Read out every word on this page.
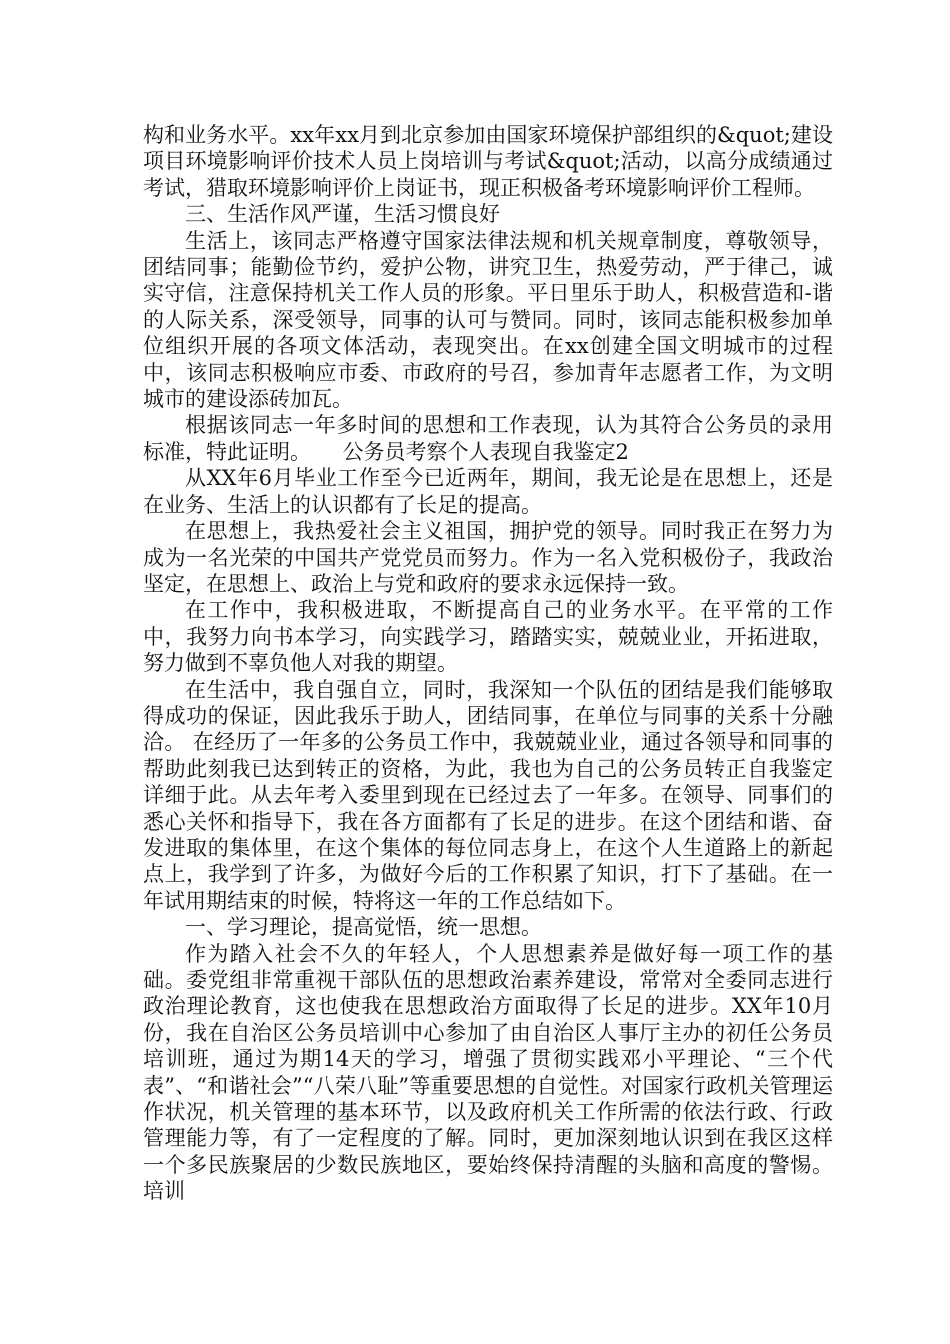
构和业务水平。xx年xx月到北京参加由国家环境保护部组织的&quot;建设项目环境影响评价技术人员上岗培训与考试&quot;活动，以高分成绩通过考试，猎取环境影响评价上岗证书，现正积极备考环境影响评价工程师。

三、生活作风严谨，生活习惯良好

生活上，该同志严格遵守国家法律法规和机关规章制度，尊敬领导，团结同事；能勤俭节约，爱护公物，讲究卫生，热爱劳动，严于律己，诚实守信，注意保持机关工作人员的形象。平日里乐于助人，积极营造和-谐的人际关系，深受领导，同事的认可与赞同。同时，该同志能积极参加单位组织开展的各项文体活动，表现突出。在xx创建全国文明城市的过程中，该同志积极响应市委、市政府的号召，参加青年志愿者工作，为文明城市的建设添砖加瓦。

根据该同志一年多时间的思想和工作表现，认为其符合公务员的录用标准，特此证明。　　公务员考察个人表现自我鉴定2

从XX年6月毕业工作至今已近两年，期间，我无论是在思想上，还是在业务、生活上的认识都有了长足的提高。

在思想上，我热爱社会主义祖国，拥护党的领导。同时我正在努力为成为一名光荣的中国共产党党员而努力。作为一名入党积极份子，我政治坚定，在思想上、政治上与党和政府的要求永远保持一致。

在工作中，我积极进取，不断提高自己的业务水平。在平常的工作中，我努力向书本学习，向实践学习，踏踏实实，兢兢业业，开拓进取，努力做到不辜负他人对我的期望。

在生活中，我自强自立，同时，我深知一个队伍的团结是我们能够取得成功的保证，因此我乐于助人，团结同事，在单位与同事的关系十分融洽。 在经历了一年多的公务员工作中，我兢兢业业，通过各领导和同事的帮助此刻我已达到转正的资格，为此，我也为自己的公务员转正自我鉴定详细于此。从去年考入委里到现在已经过去了一年多。在领导、同事们的悉心关怀和指导下，我在各方面都有了长足的进步。在这个团结和谐、奋发进取的集体里，在这个集体的每位同志身上，在这个人生道路上的新起点上，我学到了许多，为做好今后的工作积累了知识，打下了基础。在一年试用期结束的时候，特将这一年的工作总结如下。

一、学习理论，提高觉悟，统一思想。

作为踏入社会不久的年轻人，个人思想素养是做好每一项工作的基础。委党组非常重视干部队伍的思想政治素养建设，常常对全委同志进行政治理论教育，这也使我在思想政治方面取得了长足的进步。XX年10月份，我在自治区公务员培训中心参加了由自治区人事厅主办的初任公务员培训班，通过为期14天的学习，增强了贯彻实践邓小平理论、“三个代表”、“和谐社会”“八荣八耻”等重要思想的自觉性。对国家行政机关管理运作状况，机关管理的基本环节，以及政府机关工作所需的依法行政、行政管理能力等，有了一定程度的了解。同时，更加深刻地认识到在我区这样一个多民族聚居的少数民族地区，要始终保持清醒的头脑和高度的警惕。培训
